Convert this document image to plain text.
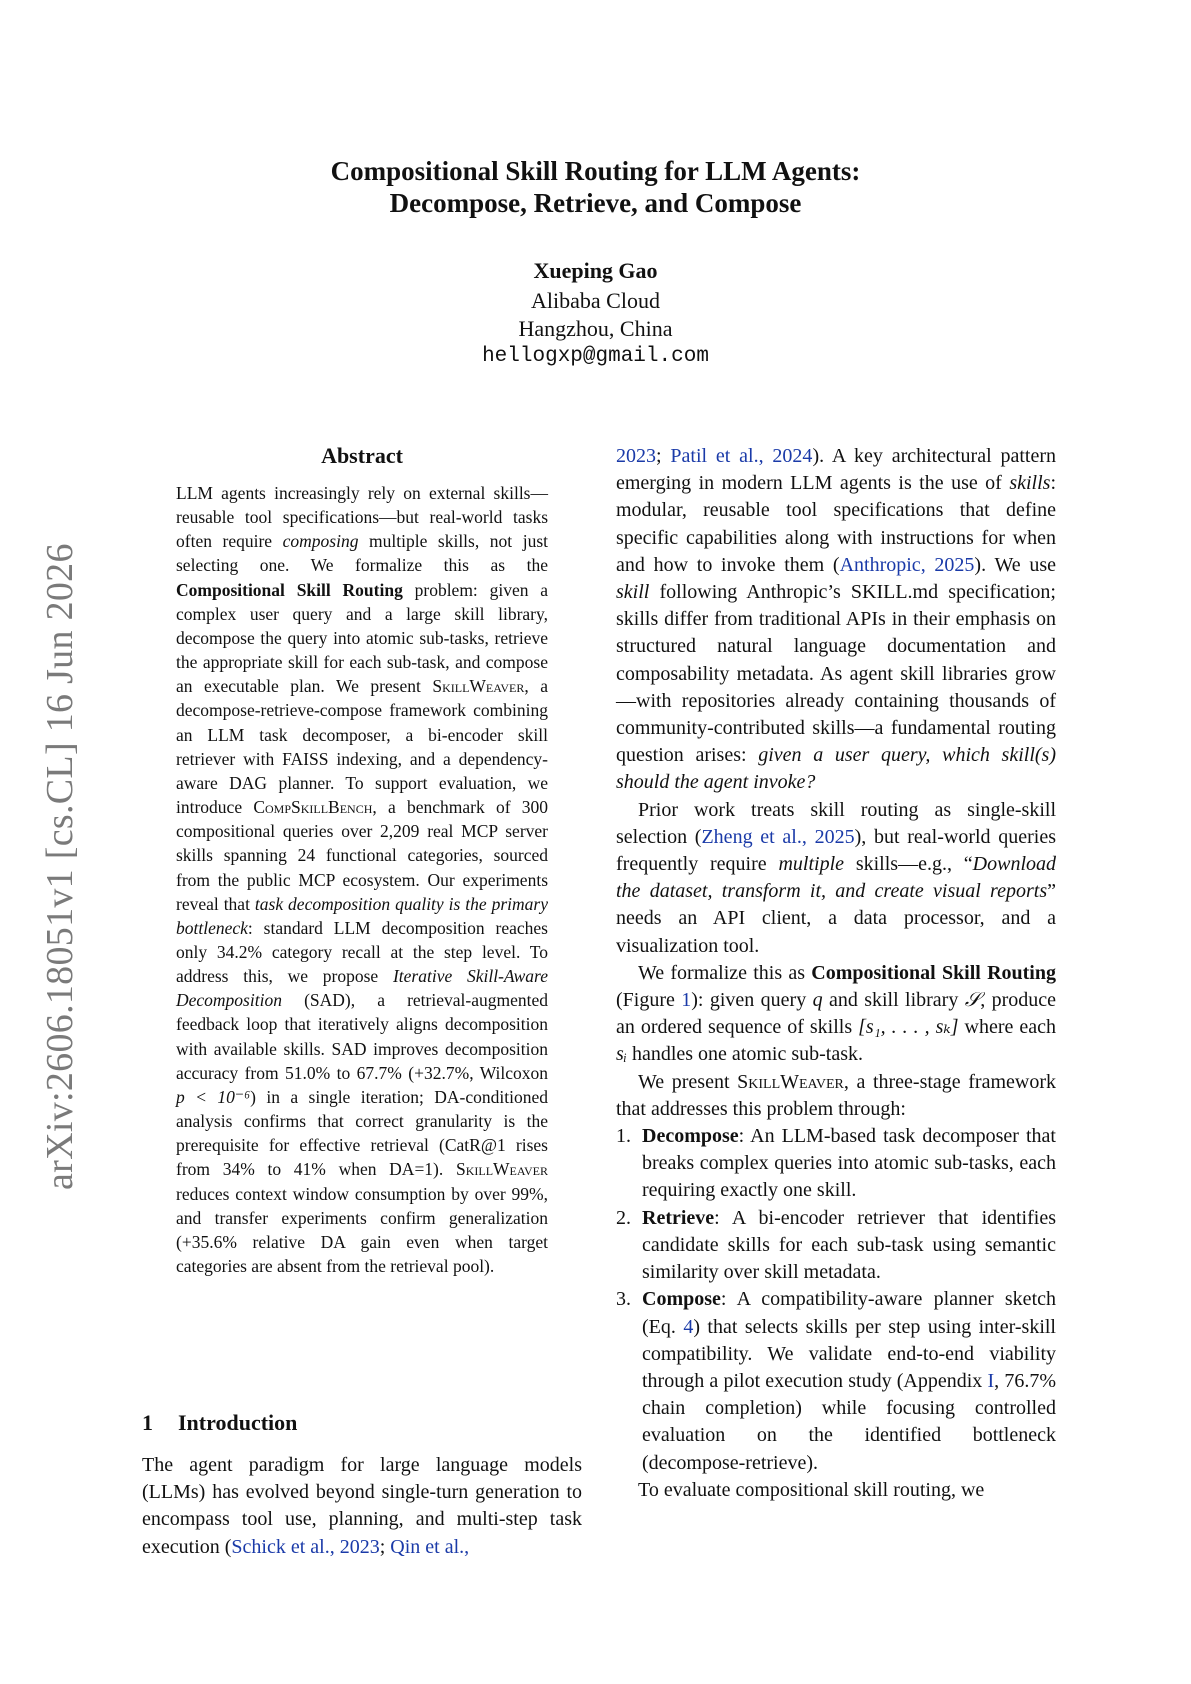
arXiv:2606.18051v1 [cs.CL] 16 Jun 2026
Compositional Skill Routing for LLM Agents:
Decompose, Retrieve, and Compose
Xueping Gao
Alibaba Cloud
Hangzhou, China
hellogxp@gmail.com
Abstract
LLM agents increasingly rely on external skills—reusable tool specifications—but real-world tasks often require composing multiple skills, not just selecting one. We formalize this as the Compositional Skill Routing problem: given a complex user query and a large skill library, decompose the query into atomic sub-tasks, retrieve the appropriate skill for each sub-task, and compose an executable plan. We present SkillWeaver, a decompose-retrieve-compose framework combining an LLM task decomposer, a bi-encoder skill retriever with FAISS indexing, and a dependency-aware DAG planner. To support evaluation, we introduce CompSkillBench, a benchmark of 300 compositional queries over 2,209 real MCP server skills spanning 24 functional categories, sourced from the public MCP ecosystem. Our experiments reveal that task decomposition quality is the primary bottleneck: standard LLM decomposition reaches only 34.2% category recall at the step level. To address this, we propose Iterative Skill-Aware Decomposition (SAD), a retrieval-augmented feedback loop that iteratively aligns decomposition with available skills. SAD improves decomposition accuracy from 51.0% to 67.7% (+32.7%, Wilcoxon p < 10⁻⁶) in a single iteration; DA-conditioned analysis confirms that correct granularity is the prerequisite for effective retrieval (CatR@1 rises from 34% to 41% when DA=1). SkillWeaver reduces context window consumption by over 99%, and transfer experiments confirm generalization (+35.6% relative DA gain even when target categories are absent from the retrieval pool).
1 Introduction
The agent paradigm for large language models (LLMs) has evolved beyond single-turn generation to encompass tool use, planning, and multi-step task execution (Schick et al., 2023; Qin et al.,

2023; Patil et al., 2024). A key architectural pattern emerging in modern LLM agents is the use of skills: modular, reusable tool specifications that define specific capabilities along with instructions for when and how to invoke them (Anthropic, 2025). We use skill following Anthropic’s SKILL.md specification; skills differ from traditional APIs in their emphasis on structured natural language documentation and composability metadata. As agent skill libraries grow—with repositories already containing thousands of community-contributed skills—a fundamental routing question arises: given a user query, which skill(s) should the agent invoke?

Prior work treats skill routing as single-skill selection (Zheng et al., 2025), but real-world queries frequently require multiple skills—e.g., “Download the dataset, transform it, and create visual reports” needs an API client, a data processor, and a visualization tool.

We formalize this as Compositional Skill Routing (Figure 1): given query q and skill library 𝒮, produce an ordered sequence of skills [s₁, . . . , sₖ] where each sᵢ handles one atomic sub-task.

We present SkillWeaver, a three-stage framework that addresses this problem through:

1. Decompose: An LLM-based task decomposer that breaks complex queries into atomic sub-tasks, each requiring exactly one skill.
2. Retrieve: A bi-encoder retriever that identifies candidate skills for each sub-task using semantic similarity over skill metadata.
3. Compose: A compatibility-aware planner sketch (Eq. 4) that selects skills per step using inter-skill compatibility. We validate end-to-end viability through a pilot execution study (Appendix I, 76.7% chain completion) while focusing controlled evaluation on the identified bottleneck (decompose-retrieve).

To evaluate compositional skill routing, we
